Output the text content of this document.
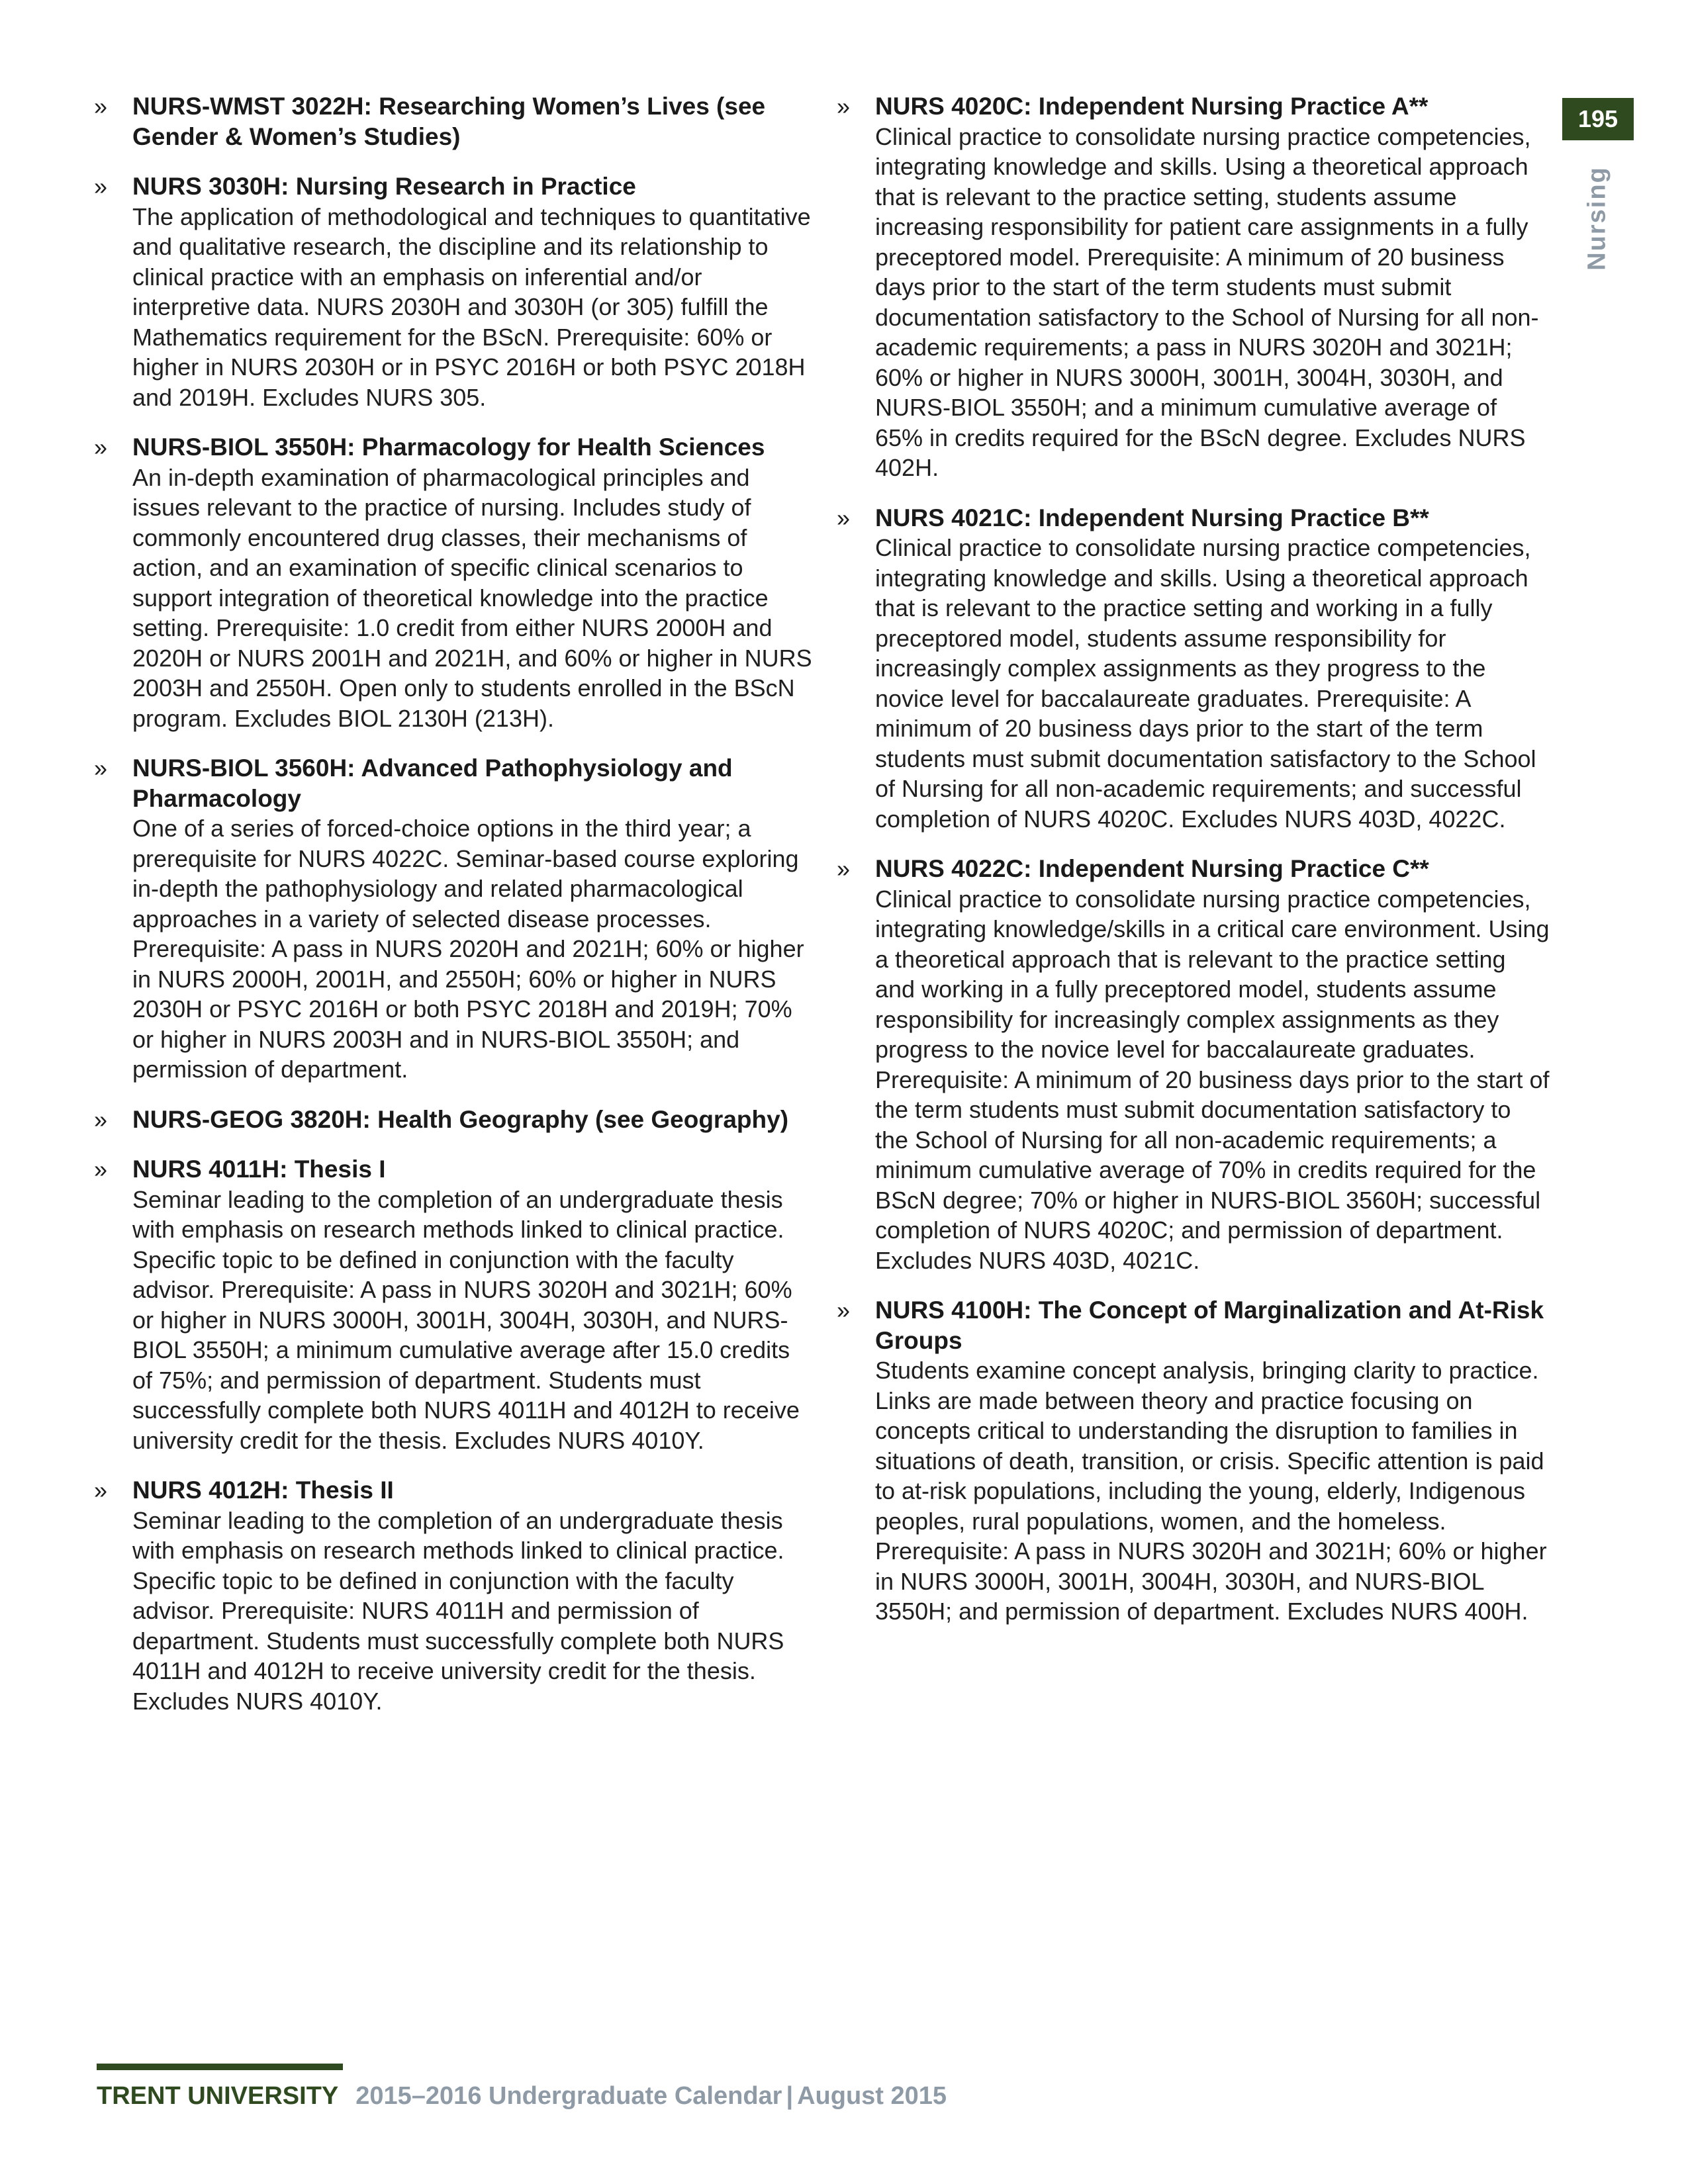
195
Nursing
» NURS-WMST 3022H: Researching Women’s Lives (see Gender & Women’s Studies)
» NURS 3030H: Nursing Research in Practice
The application of methodological and techniques to quantitative and qualitative research, the discipline and its relationship to clinical practice with an emphasis on inferential and/or interpretive data. NURS 2030H and 3030H (or 305) fulfill the Mathematics requirement for the BScN. Prerequisite: 60% or higher in NURS 2030H or in PSYC 2016H or both PSYC 2018H and 2019H. Excludes NURS 305.
» NURS-BIOL 3550H: Pharmacology for Health Sciences
An in-depth examination of pharmacological principles and issues relevant to the practice of nursing. Includes study of commonly encountered drug classes, their mechanisms of action, and an examination of specific clinical scenarios to support integration of theoretical knowledge into the practice setting. Prerequisite: 1.0 credit from either NURS 2000H and 2020H or NURS 2001H and 2021H, and 60% or higher in NURS 2003H and 2550H. Open only to students enrolled in the BScN program. Excludes BIOL 2130H (213H).
» NURS-BIOL 3560H: Advanced Pathophysiology and Pharmacology
One of a series of forced-choice options in the third year; a prerequisite for NURS 4022C. Seminar-based course exploring in-depth the pathophysiology and related pharmacological approaches in a variety of selected disease processes. Prerequisite: A pass in NURS 2020H and 2021H; 60% or higher in NURS 2000H, 2001H, and 2550H; 60% or higher in NURS 2030H or PSYC 2016H or both PSYC 2018H and 2019H; 70% or higher in NURS 2003H and in NURS-BIOL 3550H; and permission of department.
» NURS-GEOG 3820H: Health Geography (see Geography)
» NURS 4011H: Thesis I
Seminar leading to the completion of an undergraduate thesis with emphasis on research methods linked to clinical practice. Specific topic to be defined in conjunction with the faculty advisor. Prerequisite: A pass in NURS 3020H and 3021H; 60% or higher in NURS 3000H, 3001H, 3004H, 3030H, and NURS-BIOL 3550H; a minimum cumulative average after 15.0 credits of 75%; and permission of department. Students must successfully complete both NURS 4011H and 4012H to receive university credit for the thesis. Excludes NURS 4010Y.
» NURS 4012H: Thesis II
Seminar leading to the completion of an undergraduate thesis with emphasis on research methods linked to clinical practice. Specific topic to be defined in conjunction with the faculty advisor. Prerequisite: NURS 4011H and permission of department. Students must successfully complete both NURS 4011H and 4012H to receive university credit for the thesis. Excludes NURS 4010Y.
» NURS 4020C: Independent Nursing Practice A**
Clinical practice to consolidate nursing practice competencies, integrating knowledge and skills. Using a theoretical approach that is relevant to the practice setting, students assume increasing responsibility for patient care assignments in a fully preceptored model. Prerequisite: A minimum of 20 business days prior to the start of the term students must submit documentation satisfactory to the School of Nursing for all non-academic requirements; a pass in NURS 3020H and 3021H; 60% or higher in NURS 3000H, 3001H, 3004H, 3030H, and NURS-BIOL 3550H; and a minimum cumulative average of 65% in credits required for the BScN degree. Excludes NURS 402H.
» NURS 4021C: Independent Nursing Practice B**
Clinical practice to consolidate nursing practice competencies, integrating knowledge and skills. Using a theoretical approach that is relevant to the practice setting and working in a fully preceptored model, students assume responsibility for increasingly complex assignments as they progress to the novice level for baccalaureate graduates. Prerequisite: A minimum of 20 business days prior to the start of the term students must submit documentation satisfactory to the School of Nursing for all non-academic requirements; and successful completion of NURS 4020C. Excludes NURS 403D, 4022C.
» NURS 4022C: Independent Nursing Practice C**
Clinical practice to consolidate nursing practice competencies, integrating knowledge/skills in a critical care environment. Using a theoretical approach that is relevant to the practice setting and working in a fully preceptored model, students assume responsibility for increasingly complex assignments as they progress to the novice level for baccalaureate graduates. Prerequisite: A minimum of 20 business days prior to the start of the term students must submit documentation satisfactory to the School of Nursing for all non-academic requirements; a minimum cumulative average of 70% in credits required for the BScN degree; 70% or higher in NURS-BIOL 3560H; successful completion of NURS 4020C; and permission of department. Excludes NURS 403D, 4021C.
» NURS 4100H: The Concept of Marginalization and At-Risk Groups
Students examine concept analysis, bringing clarity to practice. Links are made between theory and practice focusing on concepts critical to understanding the disruption to families in situations of death, transition, or crisis. Specific attention is paid to at-risk populations, including the young, elderly, Indigenous peoples, rural populations, women, and the homeless. Prerequisite: A pass in NURS 3020H and 3021H; 60% or higher in NURS 3000H, 3001H, 3004H, 3030H, and NURS-BIOL 3550H; and permission of department. Excludes NURS 400H.
TRENT UNIVERSITY 2015–2016 Undergraduate Calendar | August 2015
